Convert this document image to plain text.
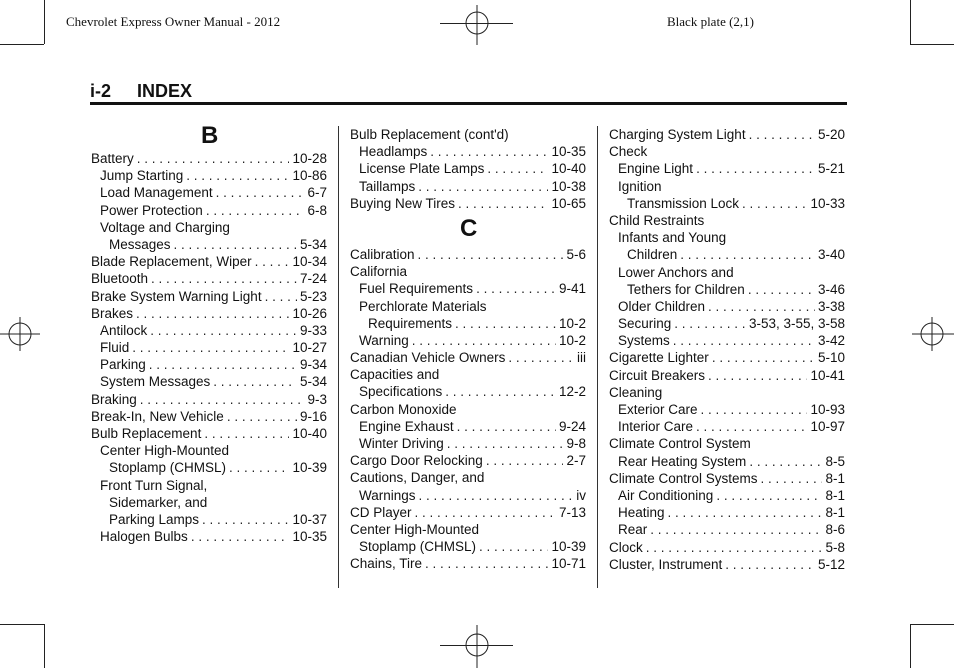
Chevrolet Express Owner Manual - 2012	Black plate (2,1)
i-2 INDEX
B
Battery . . .	10-28
Jump Starting . . .	10-86
Load Management . . .	6-7
Power Protection . . .	6-8
Voltage and Charging
Messages . . .	5-34
Blade Replacement, Wiper . . .	10-34
Bluetooth . . .	7-24
Brake System Warning Light . . .	5-23
Brakes . . .	10-26
Antilock . . .	9-33
Fluid . . .	10-27
Parking . . .	9-34
System Messages . . .	5-34
Braking . . .	9-3
Break-In, New Vehicle . . .	9-16
Bulb Replacement . . .	10-40
Center High-Mounted
Stoplamp (CHMSL) . . .	10-39
Front Turn Signal,
Sidemarker, and
Parking Lamps . . .	10-37
Halogen Bulbs . . .	10-35
Bulb Replacement (cont'd)
Headlamps . . .	10-35
License Plate Lamps . . .	10-40
Taillamps . . .	10-38
Buying New Tires . . .	10-65
C
Calibration . . .	5-6
California
Fuel Requirements . . .	9-41
Perchlorate Materials
Requirements . . .	10-2
Warning . . .	10-2
Canadian Vehicle Owners . . .	iii
Capacities and
Specifications . . .	12-2
Carbon Monoxide
Engine Exhaust . . .	9-24
Winter Driving . . .	9-8
Cargo Door Relocking . . .	2-7
Cautions, Danger, and
Warnings . . .	iv
CD Player . . .	7-13
Center High-Mounted
Stoplamp (CHMSL) . . .	10-39
Chains, Tire . . .	10-71
Charging System Light . . .	5-20
Check
Engine Light . . .	5-21
Ignition
Transmission Lock . . .	10-33
Child Restraints
Infants and Young
Children . . .	3-40
Lower Anchors and
Tethers for Children . . .	3-46
Older Children . . .	3-38
Securing . . .	3-53, 3-55, 3-58
Systems . . .	3-42
Cigarette Lighter . . .	5-10
Circuit Breakers . . .	10-41
Cleaning
Exterior Care . . .	10-93
Interior Care . . .	10-97
Climate Control System
Rear Heating System . . .	8-5
Climate Control Systems . . .	8-1
Air Conditioning . . .	8-1
Heating . . .	8-1
Rear . . .	8-6
Clock . . .	5-8
Cluster, Instrument . . .	5-12
